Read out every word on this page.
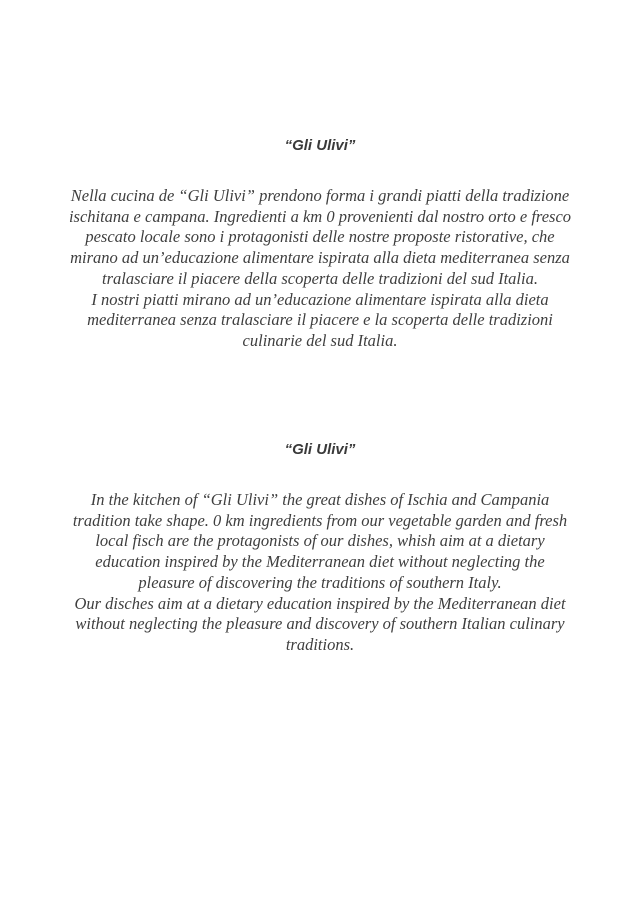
“Gli Ulivi”

Nella cucina de “Gli Ulivi” prendono forma i grandi piatti della tradizione
ischitana e campana. Ingredienti a km 0 provenienti dal nostro orto e fresco
pescato locale sono i protagonisti delle nostre proposte ristorative, che
mirano ad un’educazione alimentare ispirata alla dieta mediterranea senza
tralasciare il piacere della scoperta delle tradizioni del sud Italia.

I nostri piatti mirano ad un’educazione alimentare ispirata alla dieta
mediterranea senza tralasciare il piacere e la scoperta delle tradizioni
culinarie del sud Italia.

“Gli Ulivi”

In the kitchen of “Gli Ulivi” the great dishes of Ischia and Campania
tradition take shape. 0 km ingredients from our vegetable garden and fresh
local fisch are the protagonists of our dishes, whish aim at a dietary
education inspired by the Mediterranean diet without neglecting the
pleasure of discovering the traditions of southern Italy.

Our disches aim at a dietary education inspired by the Mediterranean diet
without neglecting the pleasure and discovery of southern Italian culinary
traditions.
